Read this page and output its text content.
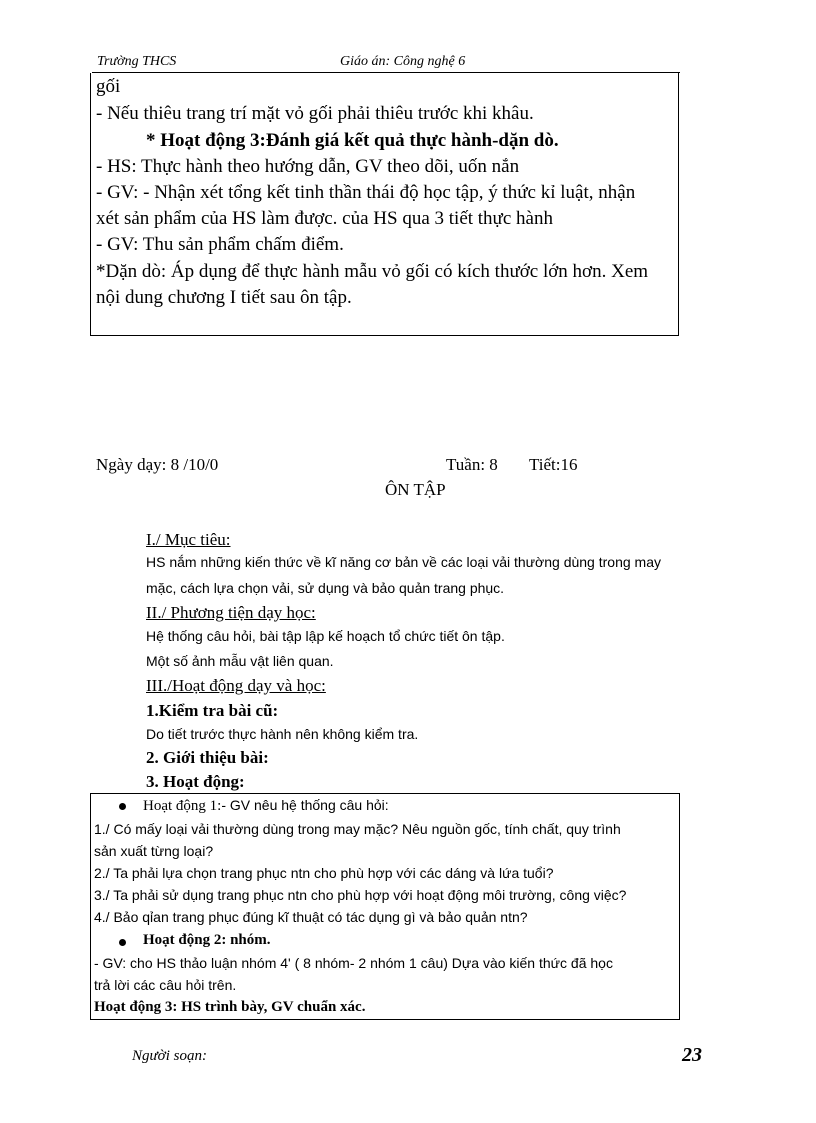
Trường THCS	Giáo án: Công nghệ 6
gối
- Nếu thiêu trang trí mặt vỏ gối phải thiêu trước khi khâu.
* Hoạt động 3:Đánh giá kết quả thực hành-dặn dò.
- HS: Thực hành theo hướng dẫn, GV theo dõi, uốn nắn
- GV: - Nhận xét tổng kết tinh thần thái độ học tập, ý thức kỉ luật, nhận
xét sản phẩm của HS làm được. của HS qua 3 tiết thực hành
- GV: Thu sản phẩm chấm điểm.
*Dặn dò: Áp dụng để thực hành mẫu vỏ gối có kích thước lớn hơn. Xem
nội dung chương I tiết sau ôn tập.
Ngày dạy: 8 /10/0	Tuần: 8 Tiết:16
ÔN TẬP
I./ Mục tiêu:
HS nắm những kiến thức về kĩ năng cơ bản về các loại vải thường dùng trong may
mặc, cách lựa chọn vải, sử dụng và bảo quản trang phục.
II./ Phương tiện dạy học:
Hệ thống câu hỏi, bài tập lập kế hoạch tổ chức tiết ôn tập.
Một số ảnh mẫu vật liên quan.
III./Hoạt động dạy và học:
1.Kiểm tra bài cũ:
Do tiết trước thực hành nên không kiểm tra.
2. Giới thiệu bài:
3. Hoạt động:
Hoạt động 1:- GV nêu hệ thống câu hỏi:
1./ Có mấy loại vải thường dùng trong may mặc? Nêu nguồn gốc, tính chất, quy trình
sản xuất từng loại?
2./ Ta phải lựa chọn trang phục ntn cho phù hợp với các dáng và lứa tuổi?
3./ Ta phải sử dụng trang phục ntn cho phù hợp với hoạt động môi trường, công việc?
4./ Bảo qỉan trang phục đúng kĩ thuật có tác dụng gì và bảo quản ntn?
Hoạt động 2: nhóm.
- GV: cho HS thảo luận nhóm 4' ( 8 nhóm- 2 nhóm 1 câu) Dựa vào kiến thức đã học
trả lời các câu hỏi trên.
Hoạt động 3: HS trình bày, GV chuẩn xác.
Người soạn:	23
